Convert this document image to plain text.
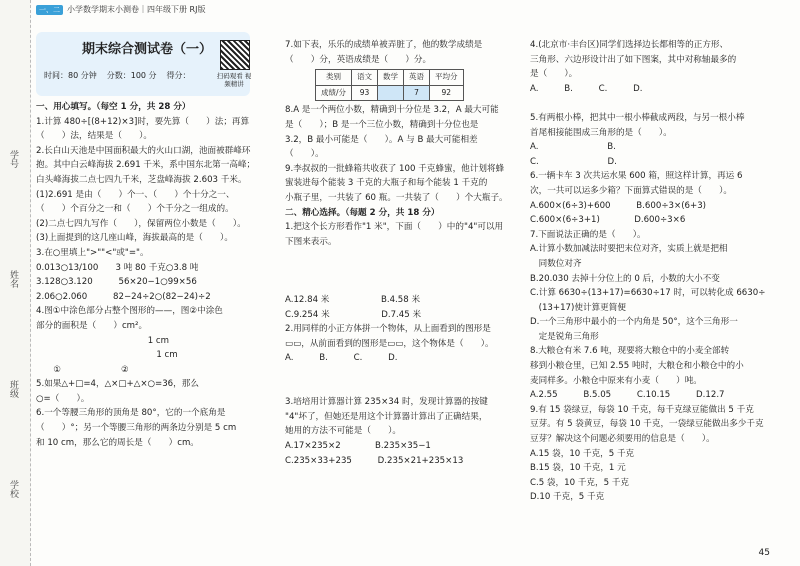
学号
姓名
班级
学校
一、二 小学数学期末小测卷｜四年级下册 RJ版
期末综合测试卷（一）
时间：80 分钟 分数：100 分 得分：	扫码观看 视频精讲
一、用心填写。（每空 1 分，共 28 分）
1.计算 480÷[(8+12)×3]时，要先算（　　）法；再算
（　　）法，结果是（　　）。
2.长白山天池是中国面积最大的火山口湖，池面被群峰环
抱。其中白云峰海拔 2.691 千米，系中国东北第一高峰；
白头峰海拔二点七四九千米，芝盘峰海拔 2.603 千米。
(1)2.691 是由（　　）个一、（　　）个十分之一、
（　　）个百分之一和（　　）个千分之一组成的。
(2)二点七四九写作（　　），保留两位小数是（　　）。
(3)上面提到的这几座山峰，海拔最高的是（　　）。
3.在○里填上">""<"或"="。
0.013○13/100　　3 吨 80 千克○3.8 吨
3.128○3.120　　　56×20−1○99×56
2.06○2.060　　　82−24÷2○(82−24)÷2
4.图①中涂色部分占整个图形的——，图②中涂色
部分的面积是（　　）cm²。
　　　　　　　　　　　　　1 cm
　　　　　　　　　　　　　　1 cm
　　①　　　　　　　②
5.如果△+□=4，△×□+△×○=36，那么
○=（　　）。
6.一个等腰三角形的顶角是 80°，它的一个底角是
（　　）°；另一个等腰三角形的两条边分别是 5 cm
和 10 cm，那么它的周长是（　　）cm。
7.如下表，乐乐的成绩单被弄脏了，他的数学成绩是
（　　）分，英语成绩是（　　）分。
类别	语文	数学	英语	平均分
成绩/分	93		7	92
8.A 是一个两位小数，精确到十分位是 3.2，A 最大可能
是（　　）；B 是一个三位小数，精确到十分位也是
3.2，B 最小可能是（　　）。A 与 B 最大可能相差
（　　）。
9.李叔叔的一批蜂箱共收获了 100 千克蜂蜜，他计划将蜂
蜜装进每个能装 3 千克的大瓶子和每个能装 1 千克的
小瓶子里，一共装了 60 瓶。一共装了（　　）个大瓶子。
二、精心选择。（每题 2 分，共 18 分）
1.把这个长方形看作"1 米"，下面（　　）中的"4"可以用
下图来表示。
A.12.84 米　　　　　　B.4.58 米
C.9.254 米　　　　　　D.7.45 米
2.用同样的小正方体拼一个物体，从上面看到的图形是
▭▭，从前面看到的图形是▭▭，这个物体是（　　）。
A.　　　B.　　　C.　　　D.
3.培培用计算器计算 235×34 时，发现计算器的按键
"4"坏了，但她还是用这个计算器计算出了正确结果，
她用的方法不可能是（　　）。
A.17×235×2　　　　B.235×35−1
C.235×33+235　　　D.235×21+235×13
4.(北京市·丰台区)同学们选择边长都相等的正方形、
三角形、六边形设计出了如下图案，其中对称轴最多的
是（　　）。
A.　　　B.　　　C.　　　D.
5.有两根小棒，把其中一根小棒截成两段，与另一根小棒
首尾相接能围成三角形的是（　　）。
A.　　　　　　　　B.
C.　　　　　　　　D.
6.一辆卡车 3 次共运水果 600 箱，照这样计算，再运 6
次，一共可以运多少箱？下面算式错误的是（　　）。
A.600×(6÷3)+600　　　B.600÷3×(6+3)
C.600×(6÷3+1)　　　　D.600÷3×6
7.下面说法正确的是（　　）。
A.计算小数加减法时要把末位对齐，实质上就是把相
　同数位对齐
B.20.030 去掉十分位上的 0 后，小数的大小不变
C.计算 6630÷(13+17)=6630÷17 时，可以转化成 6630÷
　(13+17)使计算更简便
D.一个三角形中最小的一个内角是 50°，这个三角形一
　定是锐角三角形
8.大粮仓有米 7.6 吨，现要将大粮仓中的小麦全部转
移到小粮仓里，已知 2.55 吨时，大粮仓和小粮仓中的小
麦同样多。小粮仓中原来有小麦（　　）吨。
A.2.55　　　B.5.05　　　C.10.15　　　D.12.7
9.有 15 袋绿豆，每袋 10 千克，每千克绿豆能做出 5 千克
豆芽。有 5 袋黄豆，每袋 10 千克，一袋绿豆能做出多少千克
豆芽？解决这个问题必须要用的信息是（　　）。
A.15 袋，10 千克，5 千克
B.15 袋，10 千克，1 元
C.5 袋，10 千克，5 千克
D.10 千克，5 千克
45
